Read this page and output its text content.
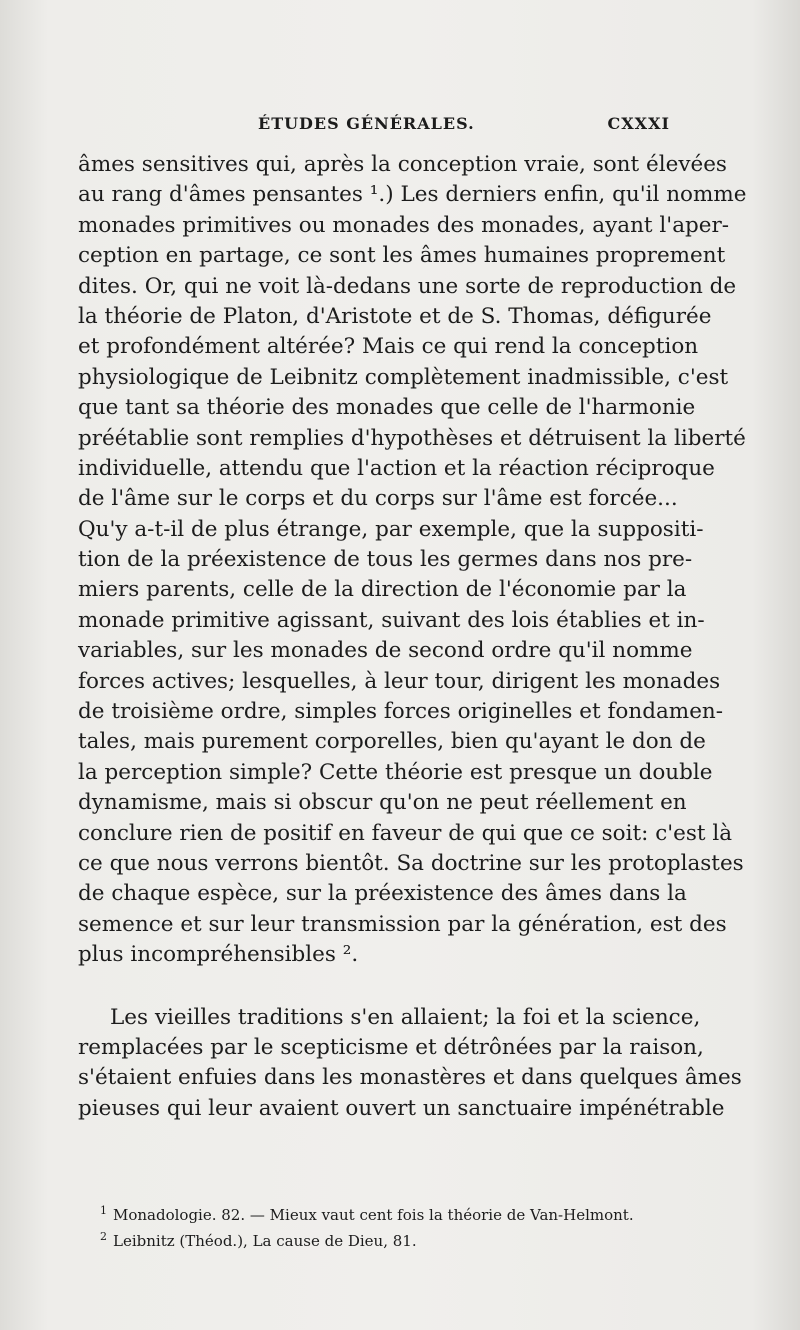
ÉTUDES GÉNÉRALES.	CXXXI
âmes sensitives qui, après la conception vraie, sont élevées
au rang d'âmes pensantes ¹.) Les derniers enfin, qu'il nomme
monades primitives ou monades des monades, ayant l'aper-
ception en partage, ce sont les âmes humaines proprement
dites. Or, qui ne voit là-dedans une sorte de reproduction de
la théorie de Platon, d'Aristote et de S. Thomas, défigurée
et profondément altérée? Mais ce qui rend la conception
physiologique de Leibnitz complètement inadmissible, c'est
que tant sa théorie des monades que celle de l'harmonie
préétablie sont remplies d'hypothèses et détruisent la liberté
individuelle, attendu que l'action et la réaction réciproque
de l'âme sur le corps et du corps sur l'âme est forcée...
Qu'y a-t-il de plus étrange, par exemple, que la suppositi-
tion de la préexistence de tous les germes dans nos pre-
miers parents, celle de la direction de l'économie par la
monade primitive agissant, suivant des lois établies et in-
variables, sur les monades de second ordre qu'il nomme
forces actives; lesquelles, à leur tour, dirigent les monades
de troisième ordre, simples forces originelles et fondamen-
tales, mais purement corporelles, bien qu'ayant le don de
la perception simple? Cette théorie est presque un double
dynamisme, mais si obscur qu'on ne peut réellement en
conclure rien de positif en faveur de qui que ce soit: c'est là
ce que nous verrons bientôt. Sa doctrine sur les protoplastes
de chaque espèce, sur la préexistence des âmes dans la
semence et sur leur transmission par la génération, est des
plus incompréhensibles ².
Les vieilles traditions s'en allaient; la foi et la science,
remplacées par le scepticisme et détrônées par la raison,
s'étaient enfuies dans les monastères et dans quelques âmes
pieuses qui leur avaient ouvert un sanctuaire impénétrable
$^1$ Monadologie. 82. — Mieux vaut cent fois la théorie de Van-Helmont.
$^2$ Leibnitz (Théod.), La cause de Dieu, 81.
